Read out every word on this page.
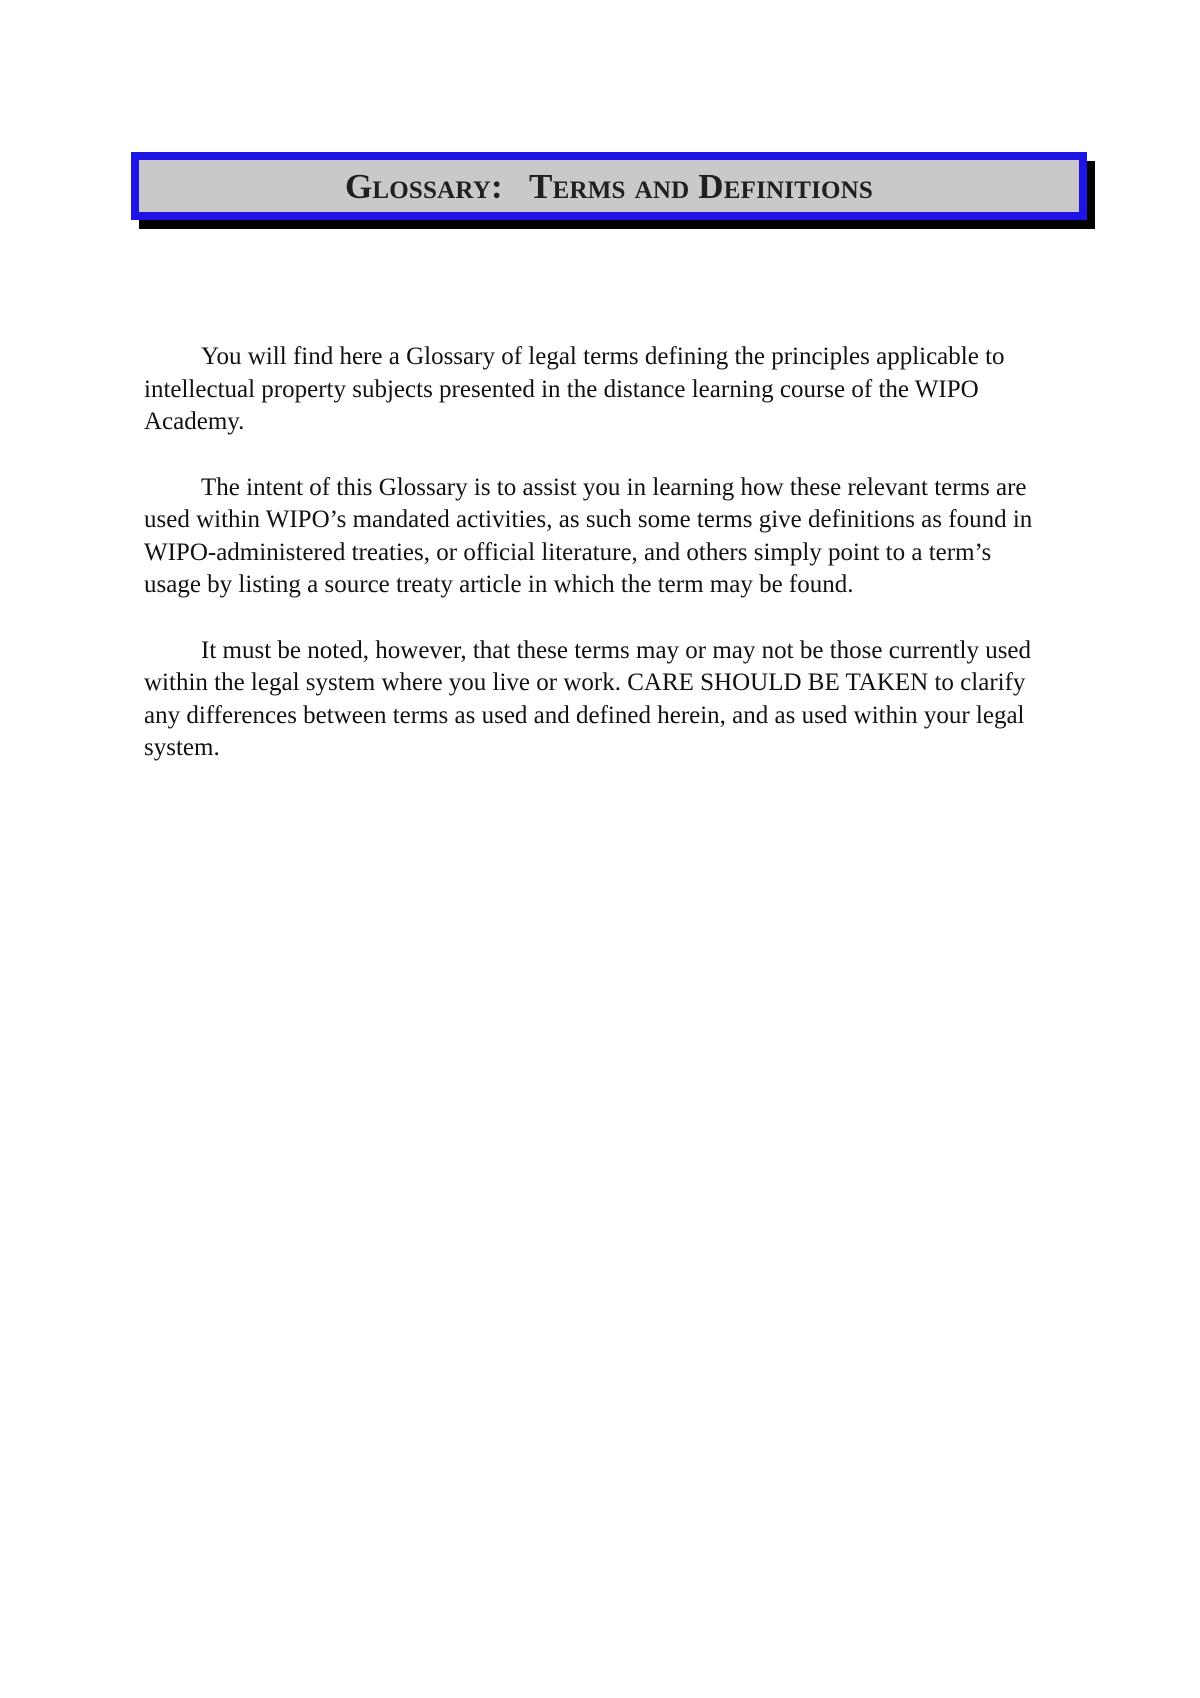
Glossary:   Terms and Definitions

You will find here a Glossary of legal terms defining the principles applicable to intellectual property subjects presented in the distance learning course of the WIPO Academy.

The intent of this Glossary is to assist you in learning how these relevant terms are used within WIPO’s mandated activities, as such some terms give definitions as found in WIPO-administered treaties, or official literature, and others simply point to a term’s usage by listing a source treaty article in which the term may be found.

It must be noted, however, that these terms may or may not be those currently used within the legal system where you live or work. CARE SHOULD BE TAKEN to clarify any differences between terms as used and defined herein, and as used within your legal system.
